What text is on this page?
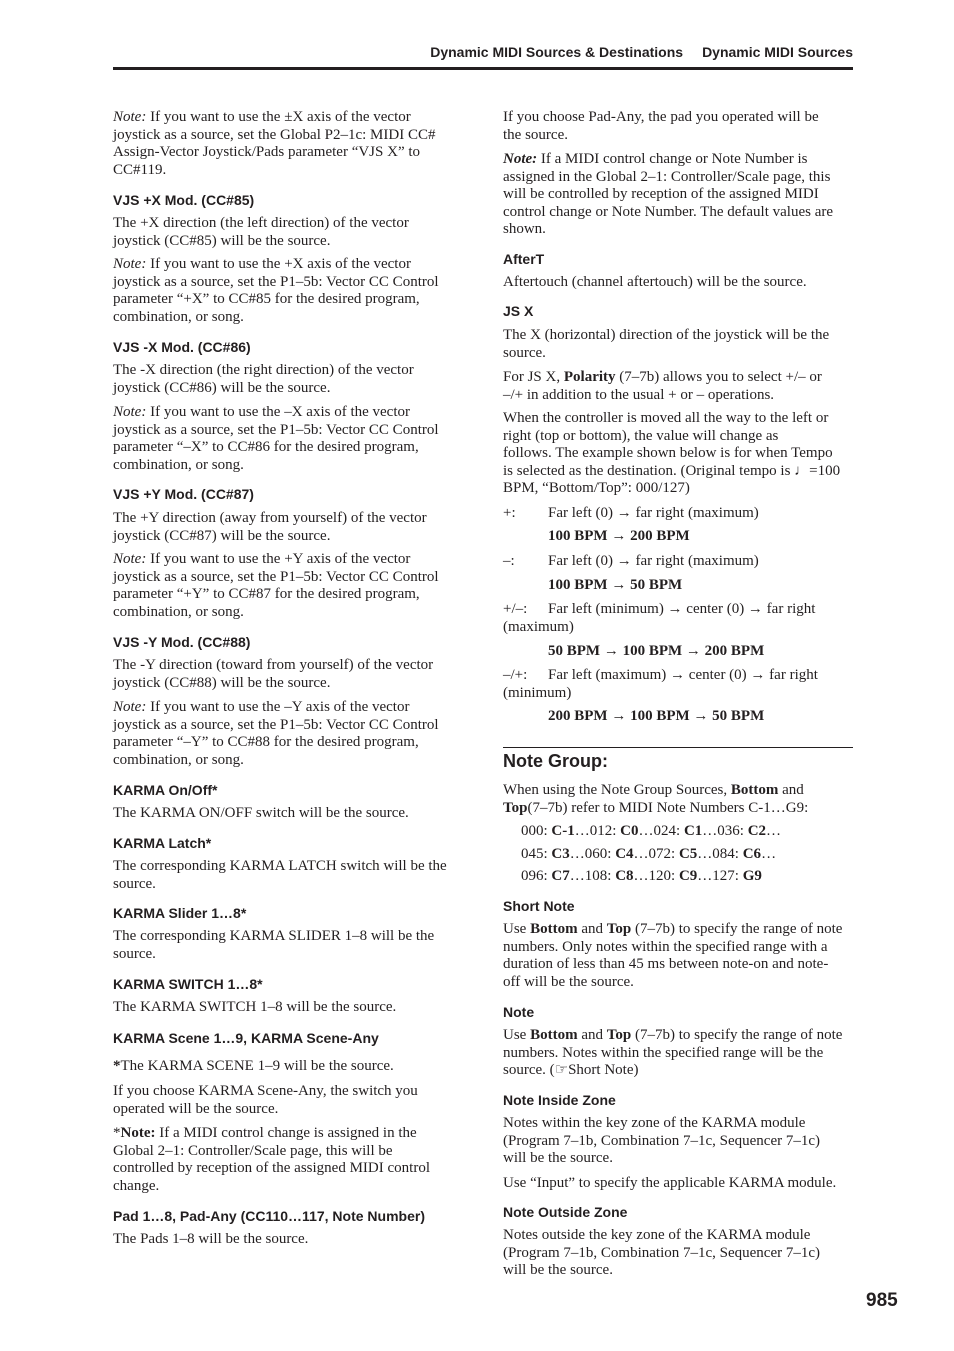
Dynamic MIDI Sources & Destinations Dynamic MIDI Sources

Note: If you want to use the ±X axis of the vector
joystick as a source, set the Global P2–1c: MIDI CC#
Assign-Vector Joystick/Pads parameter “VJS X” to
CC#119.

VJS +X Mod. (CC#85)

The +X direction (the left direction) of the vector
joystick (CC#85) will be the source.

Note: If you want to use the +X axis of the vector
joystick as a source, set the P1–5b: Vector CC Control
parameter “+X” to CC#85 for the desired program,
combination, or song.

VJS -X Mod. (CC#86)

The -X direction (the right direction) of the vector
joystick (CC#86) will be the source.

Note: If you want to use the –X axis of the vector
joystick as a source, set the P1–5b: Vector CC Control
parameter “–X” to CC#86 for the desired program,
combination, or song.

VJS +Y Mod. (CC#87)

The +Y direction (away from yourself) of the vector
joystick (CC#87) will be the source.

Note: If you want to use the +Y axis of the vector
joystick as a source, set the P1–5b: Vector CC Control
parameter “+Y” to CC#87 for the desired program,
combination, or song.

VJS -Y Mod. (CC#88)

The -Y direction (toward from yourself) of the vector
joystick (CC#88) will be the source.

Note: If you want to use the –Y axis of the vector
joystick as a source, set the P1–5b: Vector CC Control
parameter “–Y” to CC#88 for the desired program,
combination, or song.

KARMA On/Off*

The KARMA ON/OFF switch will be the source.

KARMA Latch*

The corresponding KARMA LATCH switch will be the
source.

KARMA Slider 1…8*

The corresponding KARMA SLIDER 1–8 will be the
source.

KARMA SWITCH 1…8*

The KARMA SWITCH 1–8 will be the source.

KARMA Scene 1…9, KARMA Scene-Any

*The KARMA SCENE 1–9 will be the source.

If you choose KARMA Scene-Any, the switch you
operated will be the source.

*Note: If a MIDI control change is assigned in the
Global 2–1: Controller/Scale page, this will be
controlled by reception of the assigned MIDI control
change.

Pad 1…8, Pad-Any (CC110…117, Note Number)

The Pads 1–8 will be the source.

If you choose Pad-Any, the pad you operated will be
the source.

Note: If a MIDI control change or Note Number is
assigned in the Global 2–1: Controller/Scale page, this
will be controlled by reception of the assigned MIDI
control change or Note Number. The default values are
shown.

AfterT

Aftertouch (channel aftertouch) will be the source.

JS X

The X (horizontal) direction of the joystick will be the
source.

For JS X, Polarity (7–7b) allows you to select +/– or
–/+ in addition to the usual + or – operations.

When the controller is moved all the way to the left or
right (top or bottom), the value will change as
follows. The example shown below is for when Tempo
is selected as the destination. (Original tempo is ♩=100
BPM, “Bottom/Top”: 000/127)

+: Far left (0) → far right (maximum)

100 BPM → 200 BPM

–: Far left (0) → far right (maximum)

100 BPM → 50 BPM

+/–: Far left (minimum) → center (0) → far right
(maximum)

50 BPM → 100 BPM → 200 BPM

–/+: Far left (maximum) → center (0) → far right
(minimum)

200 BPM → 100 BPM → 50 BPM

Note Group:

When using the Note Group Sources, Bottom and
Top(7–7b) refer to MIDI Note Numbers C-1…G9:

000: C-1…012: C0…024: C1…036: C2…

045: C3…060: C4…072: C5…084: C6…

096: C7…108: C8…120: C9…127: G9

Short Note

Use Bottom and Top (7–7b) to specify the range of note
numbers. Only notes within the specified range with a
duration of less than 45 ms between note-on and note-
off will be the source.

Note

Use Bottom and Top (7–7b) to specify the range of note
numbers. Notes within the specified range will be the
source. (☞Short Note)

Note Inside Zone

Notes within the key zone of the KARMA module
(Program 7–1b, Combination 7–1c, Sequencer 7–1c)
will be the source.

Use “Input” to specify the applicable KARMA module.

Note Outside Zone

Notes outside the key zone of the KARMA module
(Program 7–1b, Combination 7–1c, Sequencer 7–1c)
will be the source.

985
